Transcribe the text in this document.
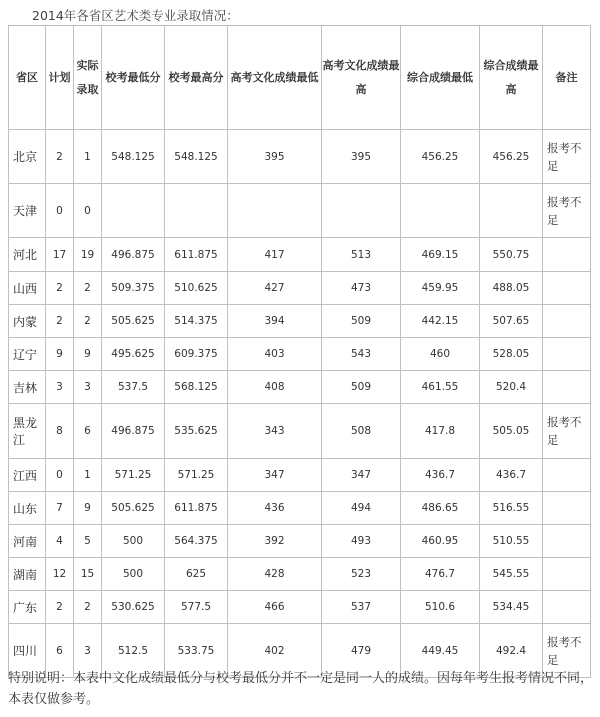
2014年各省区艺术类专业录取情况：
省区	计划	实际录取	校考最低分	校考最高分	高考文化成绩最低	高考文化成绩最高	综合成绩最低	综合成绩最高	备注
北京	2	1	548.125	548.125	395	395	456.25	456.25	报考不足
天津	0	0							报考不足
河北	17	19	496.875	611.875	417	513	469.15	550.75	
山西	2	2	509.375	510.625	427	473	459.95	488.05	
内蒙	2	2	505.625	514.375	394	509	442.15	507.65	
辽宁	9	9	495.625	609.375	403	543	460	528.05	
吉林	3	3	537.5	568.125	408	509	461.55	520.4	
黑龙江	8	6	496.875	535.625	343	508	417.8	505.05	报考不足
江西	0	1	571.25	571.25	347	347	436.7	436.7	
山东	7	9	505.625	611.875	436	494	486.65	516.55	
河南	4	5	500	564.375	392	493	460.95	510.55	
湖南	12	15	500	625	428	523	476.7	545.55	
广东	2	2	530.625	577.5	466	537	510.6	534.45	
四川	6	3	512.5	533.75	402	479	449.45	492.4	报考不足
特别说明：本表中文化成绩最低分与校考最低分并不一定是同一人的成绩。因每年考生报考情况不同，本表仅做参考。
